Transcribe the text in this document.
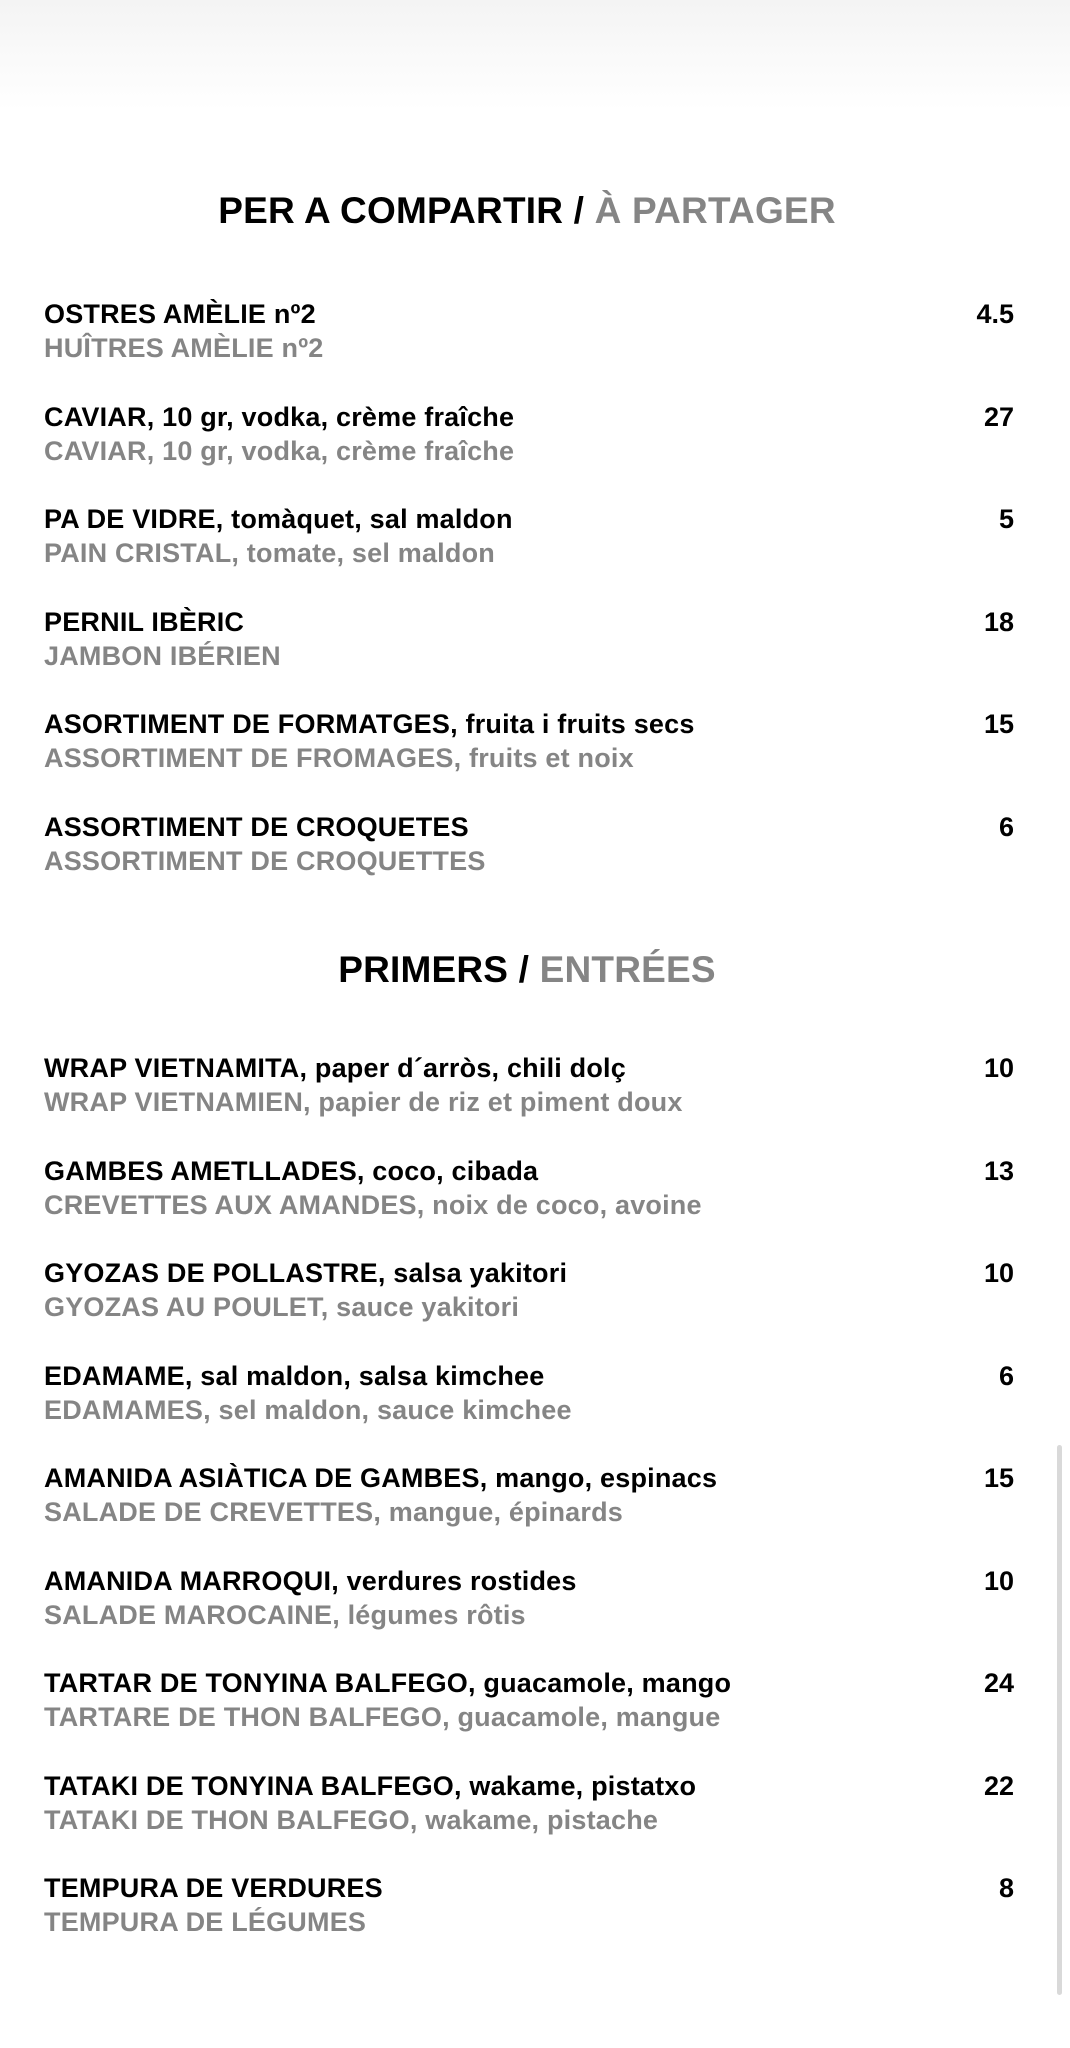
PER A COMPARTIR / À PARTAGER
OSTRES AMÈLIE nº2
HUÎTRES AMÈLIE nº2
4.5
CAVIAR, 10 gr, vodka, crème fraîche
CAVIAR, 10 gr, vodka, crème fraîche
27
PA DE VIDRE, tomàquet, sal maldon
PAIN CRISTAL, tomate, sel maldon
5
PERNIL IBÈRIC
JAMBON IBÉRIEN
18
ASORTIMENT DE FORMATGES, fruita i fruits secs
ASSORTIMENT DE FROMAGES, fruits et noix
15
ASSORTIMENT DE CROQUETES
ASSORTIMENT DE CROQUETTES
6
PRIMERS / ENTRÉES
WRAP VIETNAMITA, paper d´arròs, chili dolç
WRAP VIETNAMIEN, papier de riz et piment doux
10
GAMBES AMETLLADES, coco, cibada
CREVETTES AUX AMANDES, noix de coco, avoine
13
GYOZAS DE POLLASTRE, salsa yakitori
GYOZAS AU POULET, sauce yakitori
10
EDAMAME, sal maldon, salsa kimchee
EDAMAMES, sel maldon, sauce kimchee
6
AMANIDA ASIÀTICA DE GAMBES, mango, espinacs
SALADE DE CREVETTES, mangue, épinards
15
AMANIDA MARROQUI, verdures rostides
SALADE MAROCAINE, légumes rôtis
10
TARTAR DE TONYINA BALFEGO, guacamole, mango
TARTARE DE THON BALFEGO, guacamole, mangue
24
TATAKI DE TONYINA BALFEGO, wakame, pistatxo
TATAKI DE THON BALFEGO, wakame, pistache
22
TEMPURA DE VERDURES
TEMPURA DE LÉGUMES
8
